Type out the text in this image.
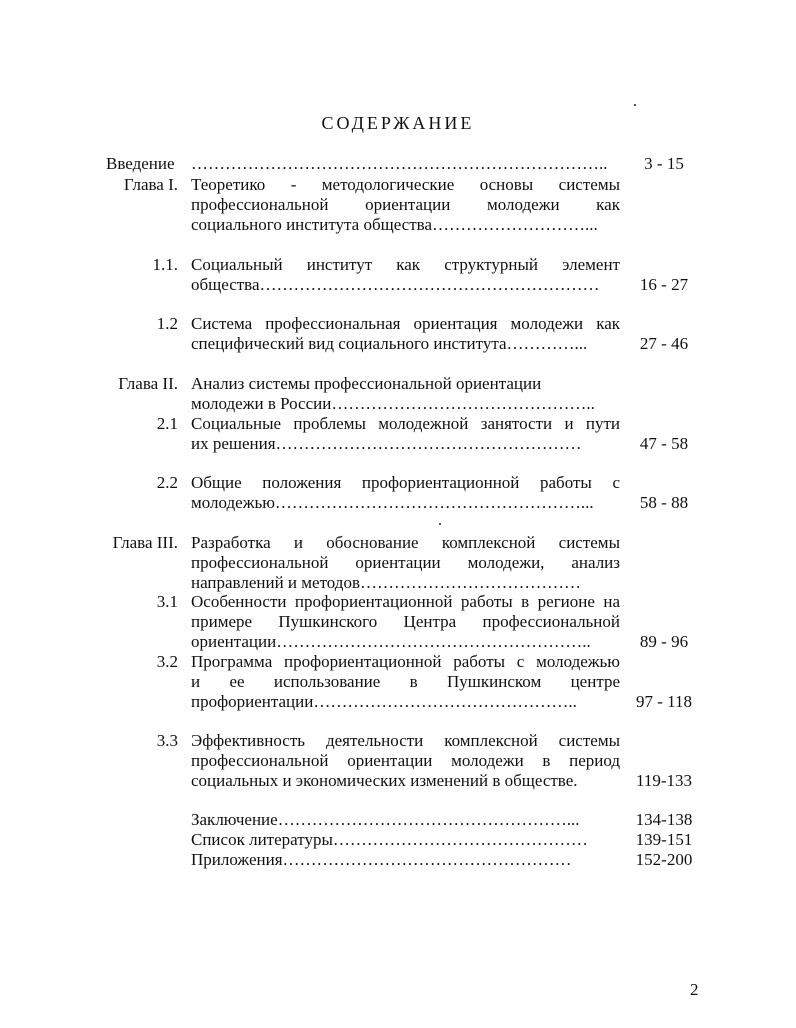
СОДЕРЖАНИЕ
Введение ………………………………………………………………..	3 - 15
Глава I. Теоретико - методологические основы системы
профессиональной ориентации молодежи как
социального института общества………………………...
1.1. Социальный институт как структурный элемент
общества……………………………………………………	16 - 27
1.2 Система профессиональная ориентация молодежи как
специфический вид социального института…………...	27 - 46
Глава II. Анализ системы профессиональной ориентации
молодежи в России………………………………………..
2.1 Социальные проблемы молодежной занятости и пути
их решения………………………………………………	47 - 58
2.2 Общие положения профориентационной работы с
молодежью………………………………………………...	58 - 88
Глава III. Разработка и обоснование комплексной системы
профессиональной ориентации молодежи, анализ
направлений и методов…………………………………
3.1 Особенности профориентационной работы в регионе на
примере Пушкинского Центра профессиональной
ориентации………………………………………………..	89 - 96
3.2 Программа профориентационной работы с молодежью
и ее использование в Пушкинском центре
профориентации………………………………………..	97 - 118
3.3 Эффективность деятельности комплексной системы
профессиональной ориентации молодежи в период
социальных и экономических изменений в обществе.	119-133
Заключение……………………………………………...	134-138
Список литературы………………………………………	139-151
Приложения……………………………………………	152-200
2
